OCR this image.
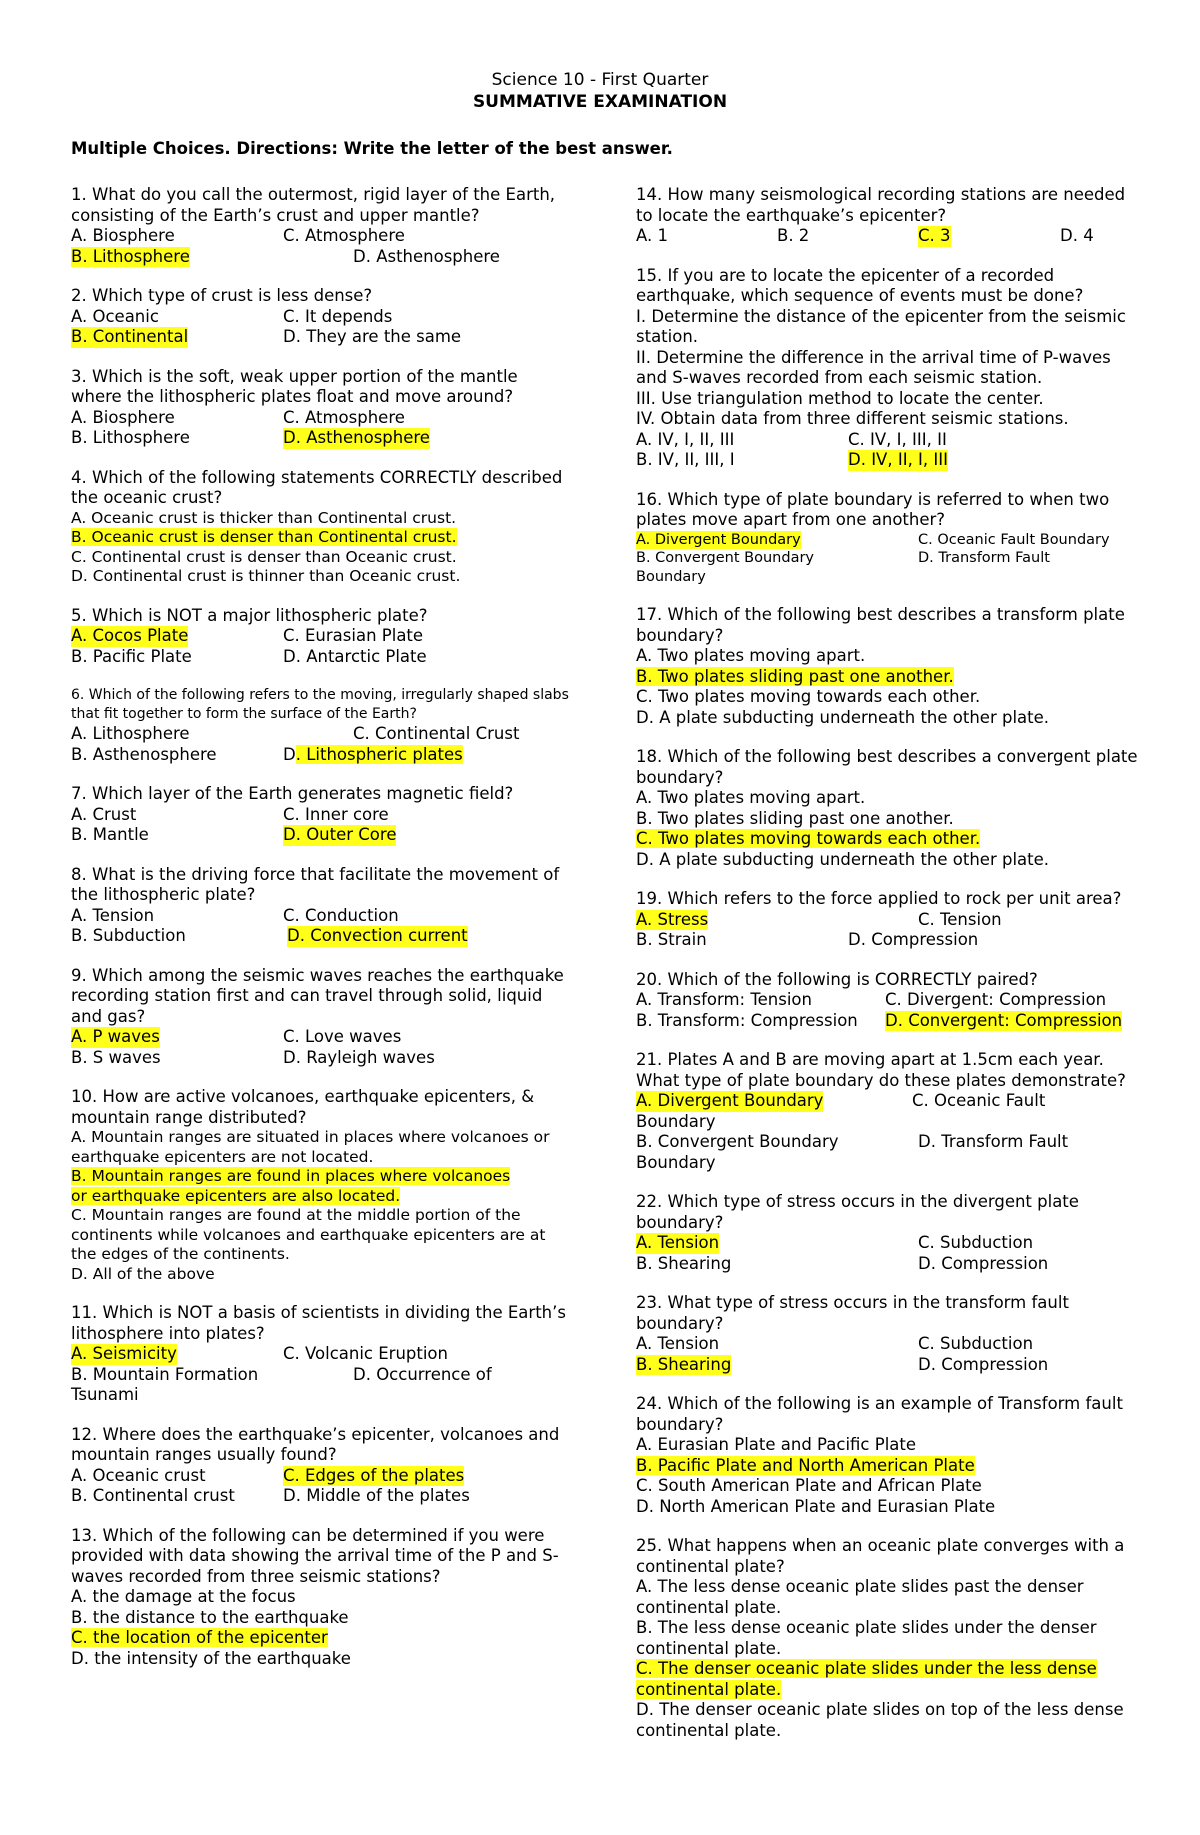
Science 10 - First Quarter
SUMMATIVE EXAMINATION
Multiple Choices. Directions: Write the letter of the best answer.
1. What do you call the outermost, rigid layer of the Earth, consisting of the Earth’s crust and upper mantle?
A. Biosphere	C. Atmosphere
B. Lithosphere	D. Asthenosphere
2. Which type of crust is less dense?
A. Oceanic	C. It depends
B. Continental	D. They are the same
3. Which is the soft, weak upper portion of the mantle where the lithospheric plates float and move around?
A. Biosphere	C. Atmosphere
B. Lithosphere	D. Asthenosphere
4. Which of the following statements CORRECTLY described the oceanic crust?
A. Oceanic crust is thicker than Continental crust.
B. Oceanic crust is denser than Continental crust.
C. Continental crust is denser than Oceanic crust.
D. Continental crust is thinner than Oceanic crust.
5. Which is NOT a major lithospheric plate?
A. Cocos Plate	C. Eurasian Plate
B. Pacific Plate	D. Antarctic Plate
6. Which of the following refers to the moving, irregularly shaped slabs that fit together to form the surface of the Earth?
A. Lithosphere	C. Continental Crust
B. Asthenosphere	D. Lithospheric plates
7. Which layer of the Earth generates magnetic field?
A. Crust	C. Inner core
B. Mantle	D. Outer Core
8. What is the driving force that facilitate the movement of the lithospheric plate?
A. Tension	C. Conduction
B. Subduction	D. Convection current
9. Which among the seismic waves reaches the earthquake recording station first and can travel through solid, liquid and gas?
A. P waves	C. Love waves
B. S waves	D. Rayleigh waves
10. How are active volcanoes, earthquake epicenters, & mountain range distributed?
A. Mountain ranges are situated in places where volcanoes or earthquake epicenters are not located.
B. Mountain ranges are found in places where volcanoes
or earthquake epicenters are also located.
C. Mountain ranges are found at the middle portion of the continents while volcanoes and earthquake epicenters are at the edges of the continents.
D. All of the above
11. Which is NOT a basis of scientists in dividing the Earth’s lithosphere into plates?
A. Seismicity	C. Volcanic Eruption
B. Mountain Formation	D. Occurrence of
Tsunami
12. Where does the earthquake’s epicenter, volcanoes and mountain ranges usually found?
A. Oceanic crust	C. Edges of the plates
B. Continental crust	D. Middle of the plates
13. Which of the following can be determined if you were provided with data showing the arrival time of the P and S-waves recorded from three seismic stations?
A. the damage at the focus
B. the distance to the earthquake
C. the location of the epicenter
D. the intensity of the earthquake
14. How many seismological recording stations are needed to locate the earthquake’s epicenter?
A. 1	B. 2	C. 3	D. 4
15. If you are to locate the epicenter of a recorded earthquake, which sequence of events must be done?
I. Determine the distance of the epicenter from the seismic station.
II. Determine the difference in the arrival time of P-waves and S-waves recorded from each seismic station.
III. Use triangulation method to locate the center.
IV. Obtain data from three different seismic stations.
A. IV, I, II, III	C. IV, I, III, II
B. IV, II, III, I	D. IV, II, I, III
16. Which type of plate boundary is referred to when two plates move apart from one another?
A. Divergent Boundary	C. Oceanic Fault Boundary
B. Convergent Boundary	D. Transform Fault
Boundary
17. Which of the following best describes a transform plate boundary?
A. Two plates moving apart.
B. Two plates sliding past one another.
C. Two plates moving towards each other.
D. A plate subducting underneath the other plate.
18. Which of the following best describes a convergent plate boundary?
A. Two plates moving apart.
B. Two plates sliding past one another.
C. Two plates moving towards each other.
D. A plate subducting underneath the other plate.
19. Which refers to the force applied to rock per unit area?
A. Stress	C. Tension
B. Strain	D. Compression
20. Which of the following is CORRECTLY paired?
A. Transform: Tension	C. Divergent: Compression
B. Transform: Compression D. Convergent: Compression
21. Plates A and B are moving apart at 1.5cm each year. What type of plate boundary do these plates demonstrate?
A. Divergent Boundary	C. Oceanic Fault
Boundary
B. Convergent Boundary	D. Transform Fault
Boundary
22. Which type of stress occurs in the divergent plate boundary?
A. Tension	C. Subduction
B. Shearing	D. Compression
23. What type of stress occurs in the transform fault boundary?
A. Tension	C. Subduction
B. Shearing	D. Compression
24. Which of the following is an example of Transform fault boundary?
A. Eurasian Plate and Pacific Plate
B. Pacific Plate and North American Plate
C. South American Plate and African Plate
D. North American Plate and Eurasian Plate
25. What happens when an oceanic plate converges with a continental plate?
A. The less dense oceanic plate slides past the denser continental plate.
B. The less dense oceanic plate slides under the denser continental plate.
C. The denser oceanic plate slides under the less dense
continental plate.
D. The denser oceanic plate slides on top of the less dense continental plate.
